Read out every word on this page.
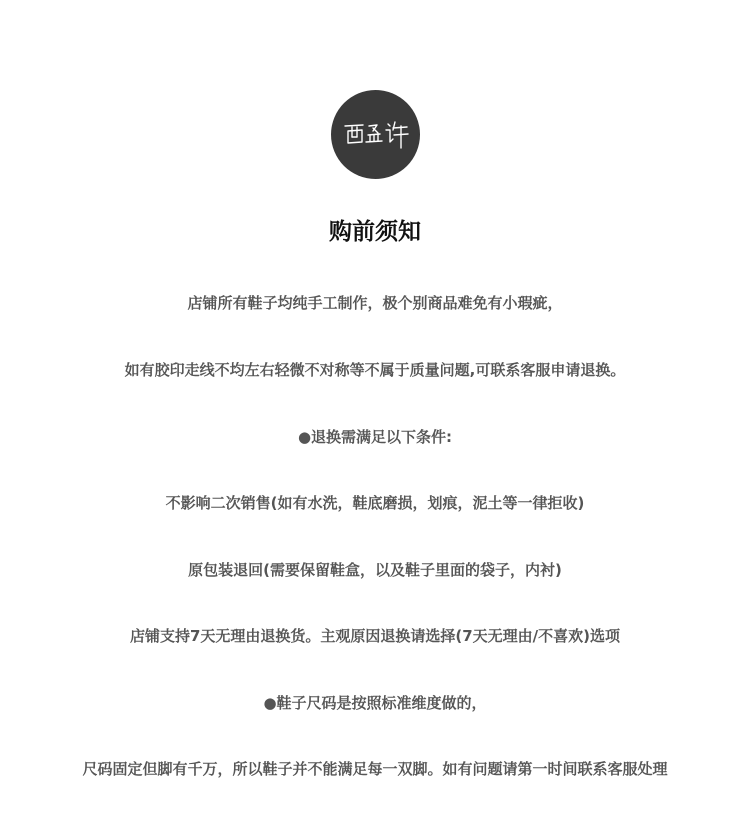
购前须知

店铺所有鞋子均纯手工制作，极个别商品难免有小瑕疵，

如有胶印走线不均左右轻微不对称等不属于质量问题,可联系客服申请退换。

●退换需满足以下条件:

不影响二次销售(如有水洗，鞋底磨损，划痕，泥土等一律拒收)

原包装退回(需要保留鞋盒，以及鞋子里面的袋子，内衬)

店铺支持7天无理由退换货。主观原因退换请选择(7天无理由/不喜欢)选项

●鞋子尺码是按照标准维度做的，

尺码固定但脚有千万，所以鞋子并不能满足每一双脚。如有问题请第一时间联系客服处理
